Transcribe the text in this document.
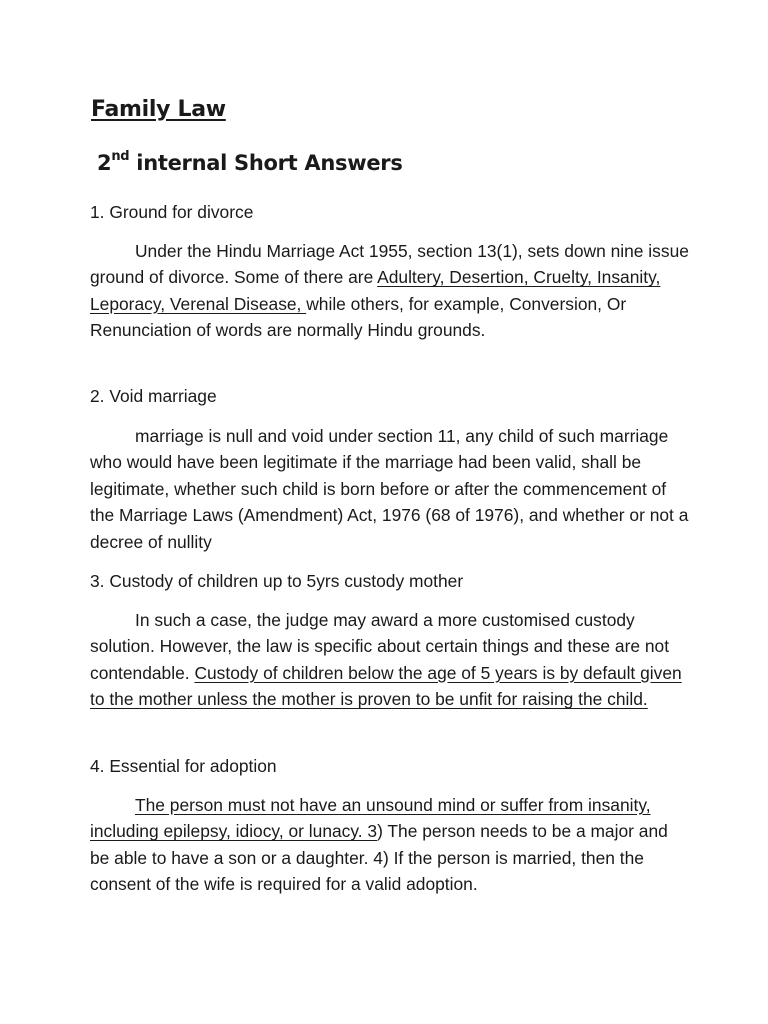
Family Law
2nd internal Short Answers

1. Ground for divorce

Under the Hindu Marriage Act 1955, section 13(1), sets down nine issue ground of divorce. Some of there are Adultery, Desertion, Cruelty, Insanity, Leporacy, Verenal Disease, while others, for example, Conversion, Or Renunciation of words are normally Hindu grounds.

2. Void marriage

marriage is null and void under section 11, any child of such marriage who would have been legitimate if the marriage had been valid, shall be legitimate, whether such child is born before or after the commencement of the Marriage Laws (Amendment) Act, 1976 (68 of 1976), and whether or not a decree of nullity

3. Custody of children up to 5yrs custody mother

In such a case, the judge may award a more customised custody solution. However, the law is specific about certain things and these are not contendable. Custody of children below the age of 5 years is by default given to the mother unless the mother is proven to be unfit for raising the child.

4. Essential for adoption

The person must not have an unsound mind or suffer from insanity, including epilepsy, idiocy, or lunacy. 3) The person needs to be a major and be able to have a son or a daughter. 4) If the person is married, then the consent of the wife is required for a valid adoption.
